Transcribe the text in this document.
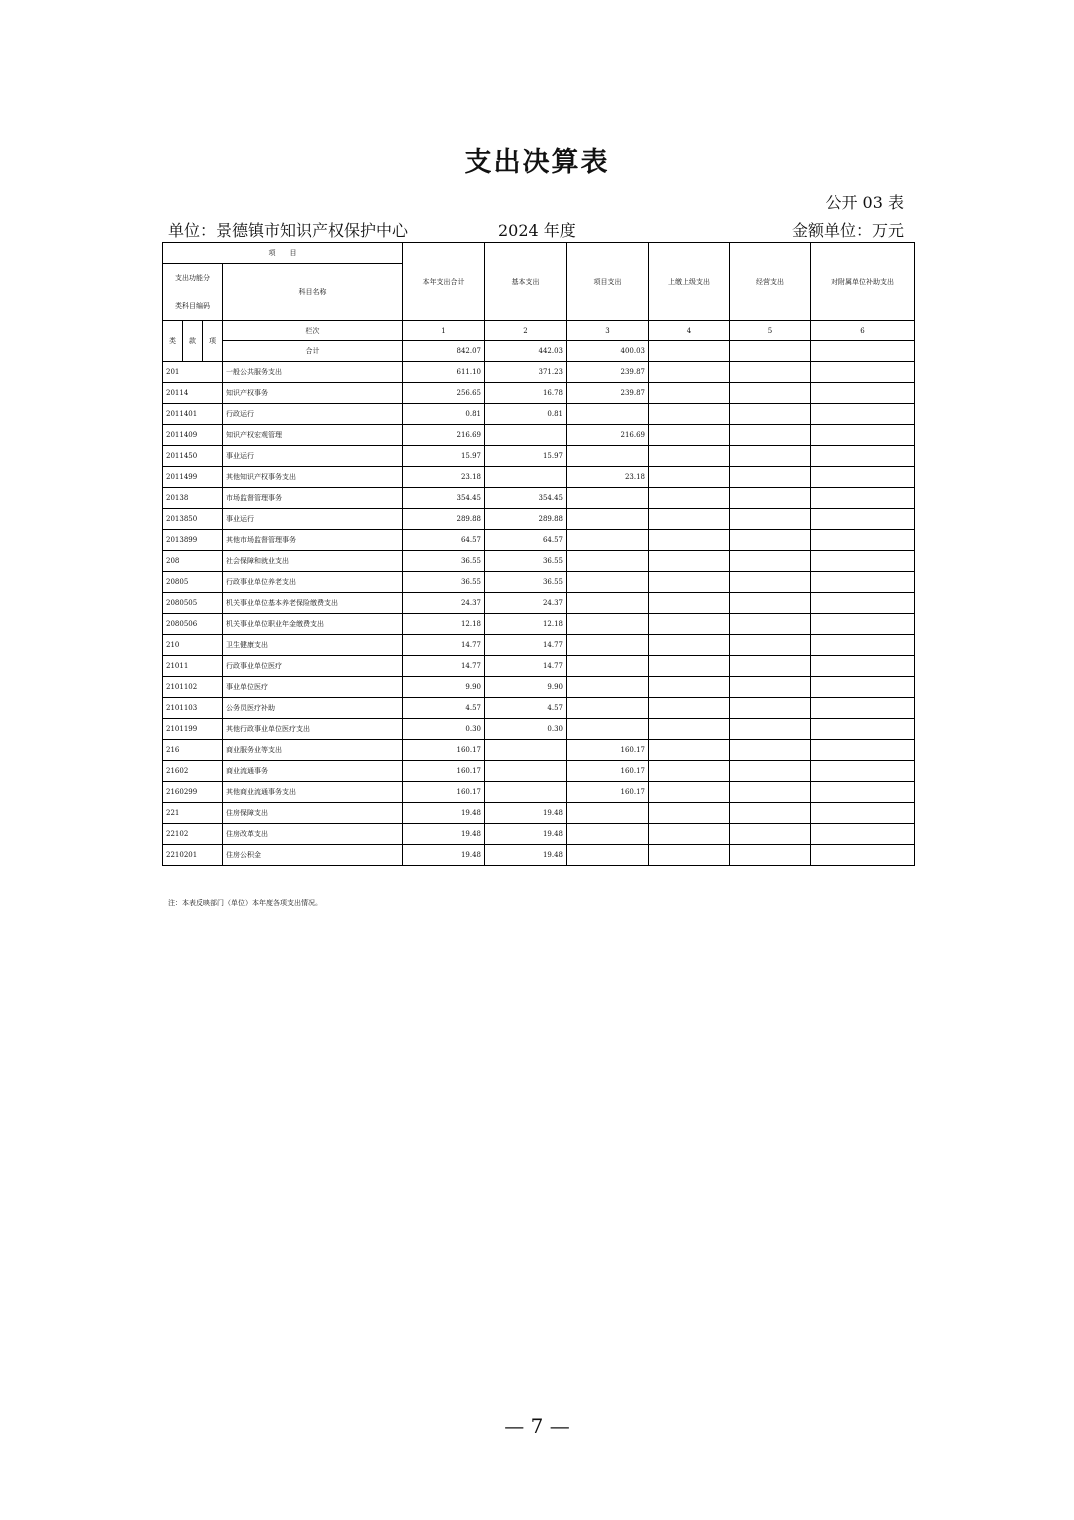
支出决算表
公开 03 表
单位：景德镇市知识产权保护中心	2024 年度	金额单位：万元
项　　目				本年支出合计	基本支出	项目支出	上缴上级支出	经营支出	对附属单位补助支出

支出功能分
类科目编码			科目名称						
类	款	项	栏次	1	2	3	4	5	6
			合计	842.07	442.03	400.03			
201			一般公共服务支出	611.10	371.23	239.87			
20114			知识产权事务	256.65	16.78	239.87			
2011401			行政运行	0.81	0.81				
2011409			知识产权宏观管理	216.69		216.69			
2011450			事业运行	15.97	15.97				
2011499			其他知识产权事务支出	23.18		23.18			
20138			市场监督管理事务	354.45	354.45				
2013850			事业运行	289.88	289.88				
2013899			其他市场监督管理事务	64.57	64.57				
208			社会保障和就业支出	36.55	36.55				
20805			行政事业单位养老支出	36.55	36.55				
2080505			机关事业单位基本养老保险缴费支出	24.37	24.37				
2080506			机关事业单位职业年金缴费支出	12.18	12.18				
210			卫生健康支出	14.77	14.77				
21011			行政事业单位医疗	14.77	14.77				
2101102			事业单位医疗	9.90	9.90				
2101103			公务员医疗补助	4.57	4.57				
2101199			其他行政事业单位医疗支出	0.30	0.30				
216			商业服务业等支出	160.17		160.17			
21602			商业流通事务	160.17		160.17			
2160299			其他商业流通事务支出	160.17		160.17			
221			住房保障支出	19.48	19.48				
22102			住房改革支出	19.48	19.48				
2210201			住房公积金	19.48	19.48				
注：本表反映部门（单位）本年度各项支出情况。
— 7 —
